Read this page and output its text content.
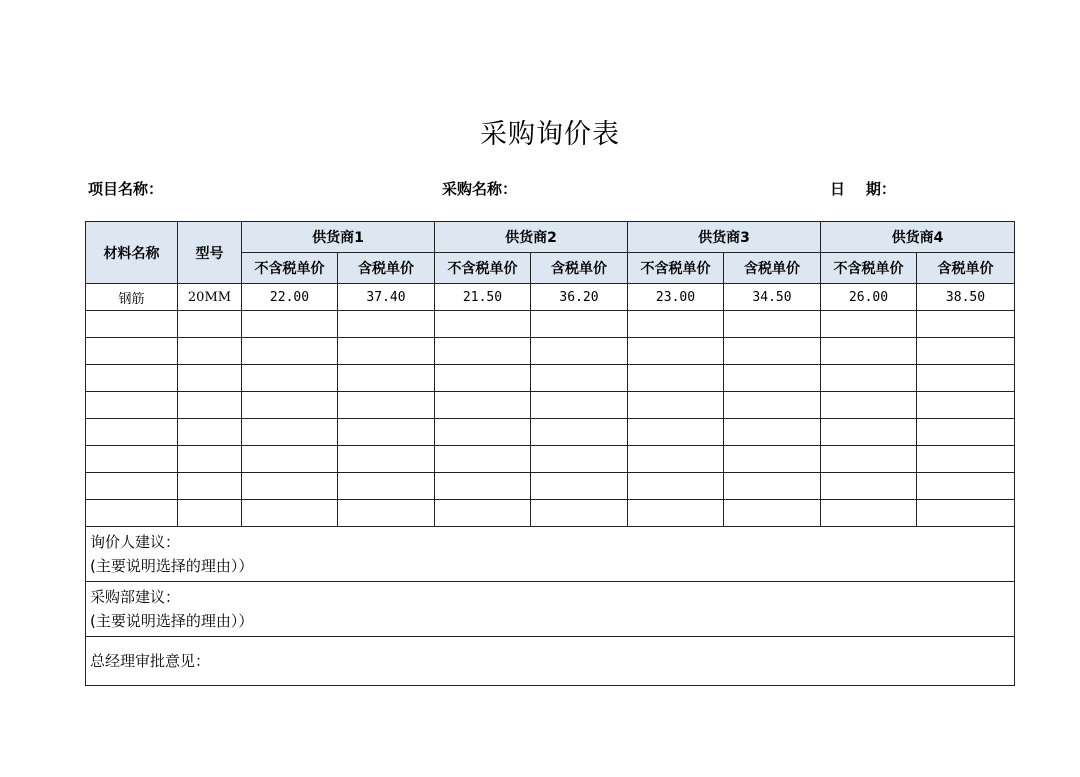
采购询价表
项目名称：	采购名称：	日    期：
材料名称	型号	供货商1		供货商2		供货商3		供货商4	
		不含税单价	含税单价	不含税单价	含税单价	不含税单价	含税单价	不含税单价	含税单价
钢筋	20MM	22.00	37.40	21.50	36.20	23.00	34.50	26.00	38.50

询价人建议：
(主要说明选择的理由））									

采购部建议：
(主要说明选择的理由））									

总经理审批意见：									
